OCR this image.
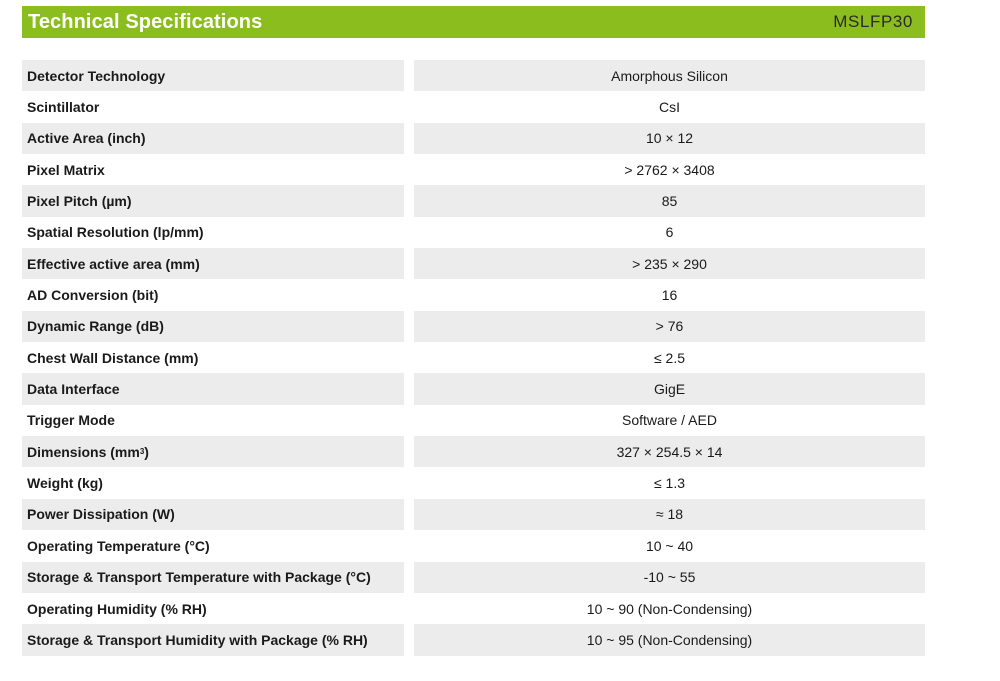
Technical Specifications	MSLFP30
Detector Technology	Amorphous Silicon
Scintillator	CsI
Active Area (inch)	10 × 12
Pixel Matrix	> 2762 × 3408
Pixel Pitch (µm)	85
Spatial Resolution (lp/mm)	6
Effective active area (mm)	> 235 × 290
AD Conversion (bit)	16
Dynamic Range (dB)	> 76
Chest Wall Distance (mm)	≤ 2.5
Data Interface	GigE
Trigger Mode	Software / AED
Dimensions (mm 3 )	327 × 254.5 × 14
Weight (kg)	≤ 1.3
Power Dissipation (W)	≈ 18
Operating Temperature (°C)	10 ~ 40
Storage & Transport Temperature with Package (°C)	-10 ~ 55
Operating Humidity (% RH)	10 ~ 90 (Non-Condensing)
Storage & Transport Humidity with Package (% RH)	10 ~ 95 (Non-Condensing)
